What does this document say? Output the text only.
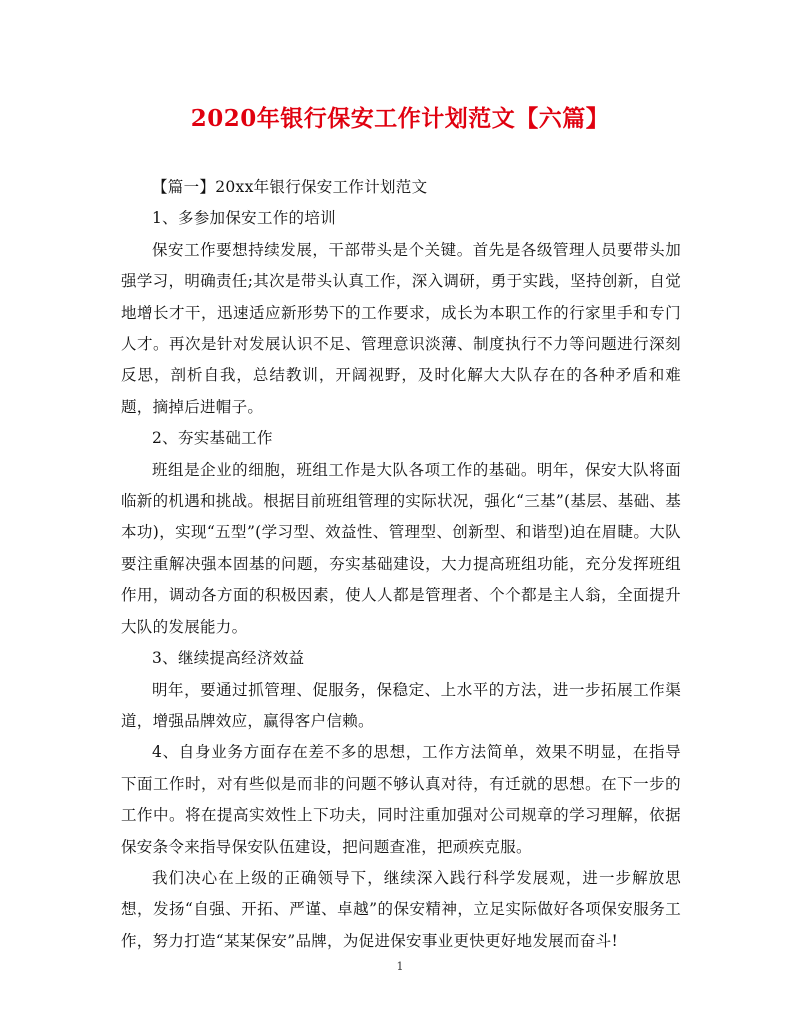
2020年银行保安工作计划范文【六篇】

【篇一】20xx年银行保安工作计划范文

1、多参加保安工作的培训

保安工作要想持续发展，干部带头是个关键。首先是各级管理人员要带头加强学习，明确责任;其次是带头认真工作，深入调研，勇于实践，坚持创新，自觉地增长才干，迅速适应新形势下的工作要求，成长为本职工作的行家里手和专门人才。再次是针对发展认识不足、管理意识淡薄、制度执行不力等问题进行深刻反思，剖析自我，总结教训，开阔视野，及时化解大大队存在的各种矛盾和难题，摘掉后进帽子。

2、夯实基础工作

班组是企业的细胞，班组工作是大队各项工作的基础。明年，保安大队将面临新的机遇和挑战。根据目前班组管理的实际状况，强化“三基”(基层、基础、基本功)，实现“五型”(学习型、效益性、管理型、创新型、和谐型)迫在眉睫。大队要注重解决强本固基的问题，夯实基础建设，大力提高班组功能，充分发挥班组作用，调动各方面的积极因素，使人人都是管理者、个个都是主人翁，全面提升大队的发展能力。

3、继续提高经济效益

明年，要通过抓管理、促服务，保稳定、上水平的方法，进一步拓展工作渠道，增强品牌效应，赢得客户信赖。

4、自身业务方面存在差不多的思想，工作方法简单，效果不明显，在指导下面工作时，对有些似是而非的问题不够认真对待，有迁就的思想。在下一步的工作中。将在提高实效性上下功夫，同时注重加强对公司规章的学习理解，依据保安条令来指导保安队伍建设，把问题查准，把顽疾克服。

我们决心在上级的正确领导下，继续深入践行科学发展观，进一步解放思想，发扬“自强、开拓、严谨、卓越”的保安精神，立足实际做好各项保安服务工作，努力打造“某某保安”品牌，为促进保安事业更快更好地发展而奋斗!

1
